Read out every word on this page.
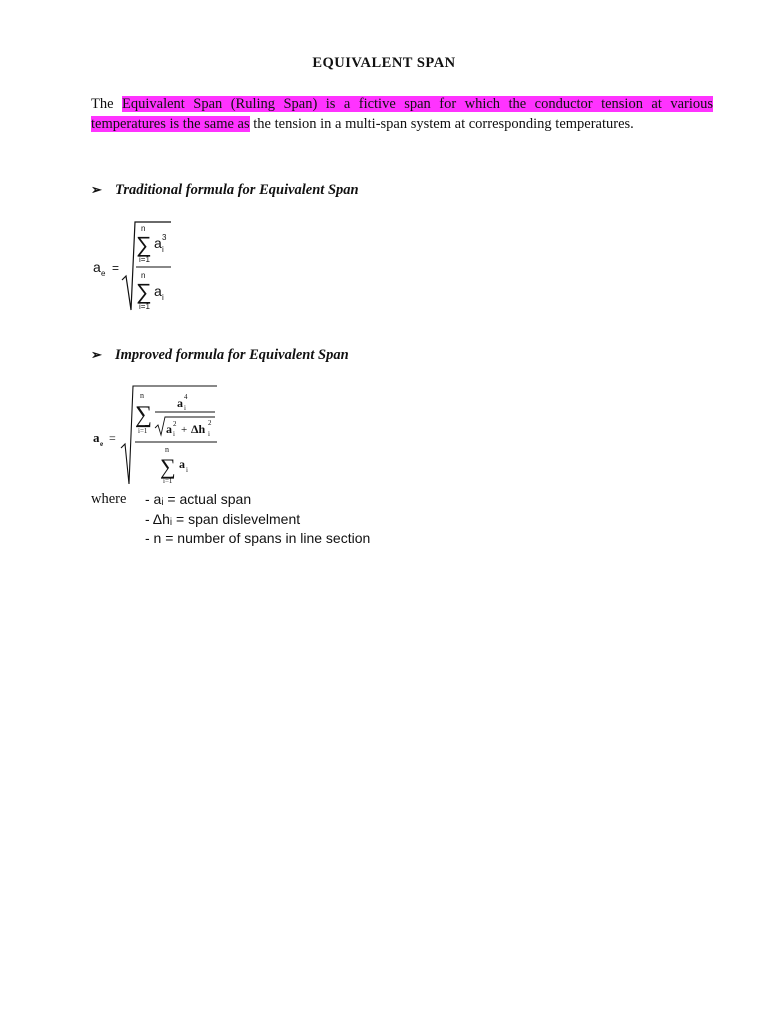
EQUIVALENT SPAN
The Equivalent Span (Ruling Span) is a fictive span for which the conductor tension at various temperatures is the same as the tension in a multi-span system at corresponding temperatures.
➢ Traditional formula for Equivalent Span
a e =
n
∑
i=1
a 3
i
n
∑
i=1
a i
➢ Improved formula for Equivalent Span
a e =
n
∑
i=1
a 4
i
a 2
i + Δh 2
i
n
∑
i=1
a i
where	- aᵢ = actual span
- Δhᵢ = span dislevelment
- n = number of spans in line section
